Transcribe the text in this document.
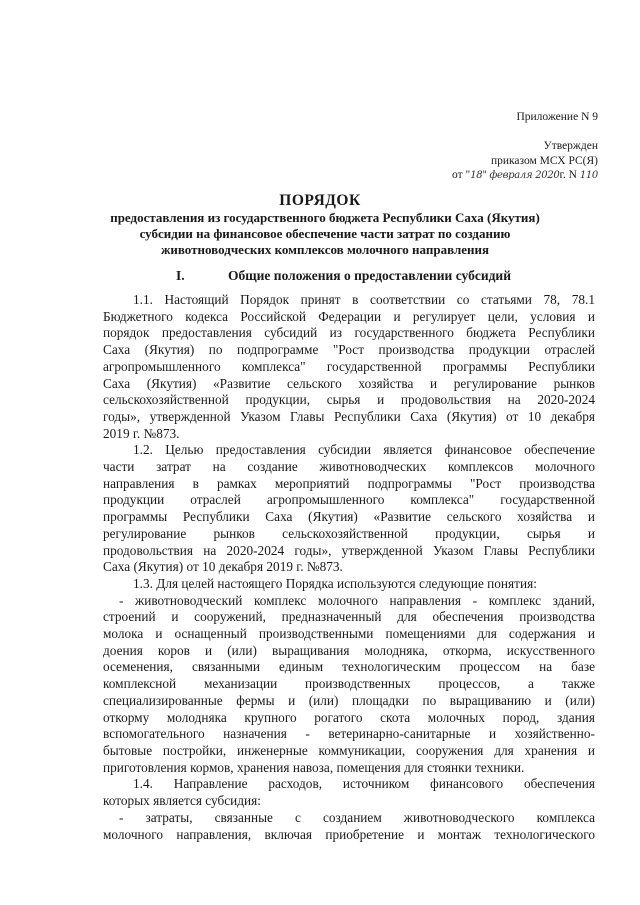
Приложение N 9
Утвержден
приказом МСХ РС(Я)
от "18" февраля 2020г. N 110
ПОРЯДОК
предоставления из государственного бюджета Республики Саха (Якутия)
субсидии на финансовое обеспечение части затрат по созданию
животноводческих комплексов молочного направления
I.	Общие положения о предоставлении субсидий
1.1. Настоящий Порядок принят в соответствии со статьями 78, 78.1
Бюджетного кодекса Российской Федерации и регулирует цели, условия и
порядок предоставления субсидий из государственного бюджета Республики
Саха (Якутия) по подпрограмме "Рост производства продукции отраслей
агропромышленного комплекса" государственной программы Республики
Саха (Якутия) «Развитие сельского хозяйства и регулирование рынков
сельскохозяйственной продукции, сырья и продовольствия на 2020-2024
годы», утвержденной Указом Главы Республики Саха (Якутия) от 10 декабря
2019 г. №873.
1.2. Целью предоставления субсидии является финансовое обеспечение
части затрат на создание животноводческих комплексов молочного
направления в рамках мероприятий подпрограммы "Рост производства
продукции отраслей агропромышленного комплекса" государственной
программы Республики Саха (Якутия) «Развитие сельского хозяйства и
регулирование рынков сельскохозяйственной продукции, сырья и
продовольствия на 2020-2024 годы», утвержденной Указом Главы Республики
Саха (Якутия) от 10 декабря 2019 г. №873.
1.3. Для целей настоящего Порядка используются следующие понятия:
- животноводческий комплекс молочного направления - комплекс зданий,
строений и сооружений, предназначенный для обеспечения производства
молока и оснащенный производственными помещениями для содержания и
доения коров и (или) выращивания молодняка, откорма, искусственного
осеменения, связанными единым технологическим процессом на базе
комплексной механизации производственных процессов, а также
специализированные фермы и (или) площадки по выращиванию и (или)
откорму молодняка крупного рогатого скота молочных пород, здания
вспомогательного назначения - ветеринарно-санитарные и хозяйственно-
бытовые постройки, инженерные коммуникации, сооружения для хранения и
приготовления кормов, хранения навоза, помещения для стоянки техники.
1.4. Направление расходов, источником финансового обеспечения
которых является субсидия:
- затраты, связанные с созданием животноводческого комплекса
молочного направления, включая приобретение и монтаж технологического
